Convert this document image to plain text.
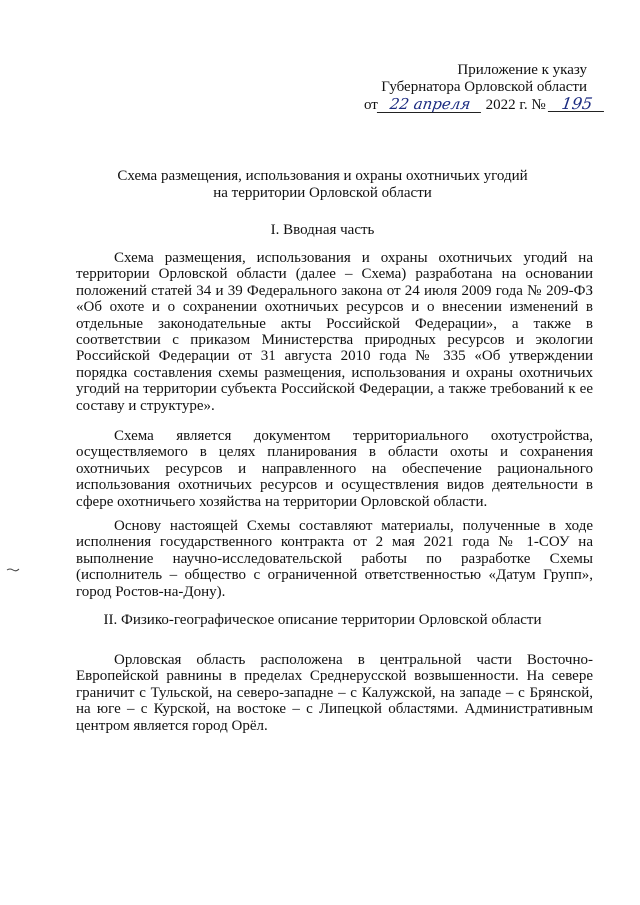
Приложение к указу
Губернатора Орловской области
от 22 апреля 2022 г. № 195
Схема размещения, использования и охраны охотничьих угодий
на территории Орловской области
I. Вводная часть
Схема размещения, использования и охраны охотничьих угодий на территории Орловской области (далее – Схема) разработана на основании положений статей 34 и 39 Федерального закона от 24 июля 2009 года № 209-ФЗ «Об охоте и о сохранении охотничьих ресурсов и о внесении изменений в отдельные законодательные акты Российской Федерации», а также в соответствии с приказом Министерства природных ресурсов и экологии Российской Федерации от 31 августа 2010 года № 335 «Об утверждении порядка составления схемы размещения, использования и охраны охотничьих угодий на территории субъекта Российской Федерации, а также требований к ее составу и структуре».
Схема является документом территориального охотустройства, осуществляемого в целях планирования в области охоты и сохранения охотничьих ресурсов и направленного на обеспечение рационального использования охотничьих ресурсов и осуществления видов деятельности в сфере охотничьего хозяйства на территории Орловской области.
Основу настоящей Схемы составляют материалы, полученные в ходе исполнения государственного контракта от 2 мая 2021 года № 1-СОУ на выполнение научно-исследовательской работы по разработке Схемы (исполнитель – общество с ограниченной ответственностью «Датум Групп», город Ростов-на-Дону).
II. Физико-географическое описание территории Орловской области
Орловская область расположена в центральной части Восточно-Европейской равнины в пределах Среднерусской возвышенности. На севере граничит с Тульской, на северо-западне – с Калужской, на западе – с Брянской, на юге – с Курской, на востоке – с Липецкой областями. Административным центром является город Орёл.
